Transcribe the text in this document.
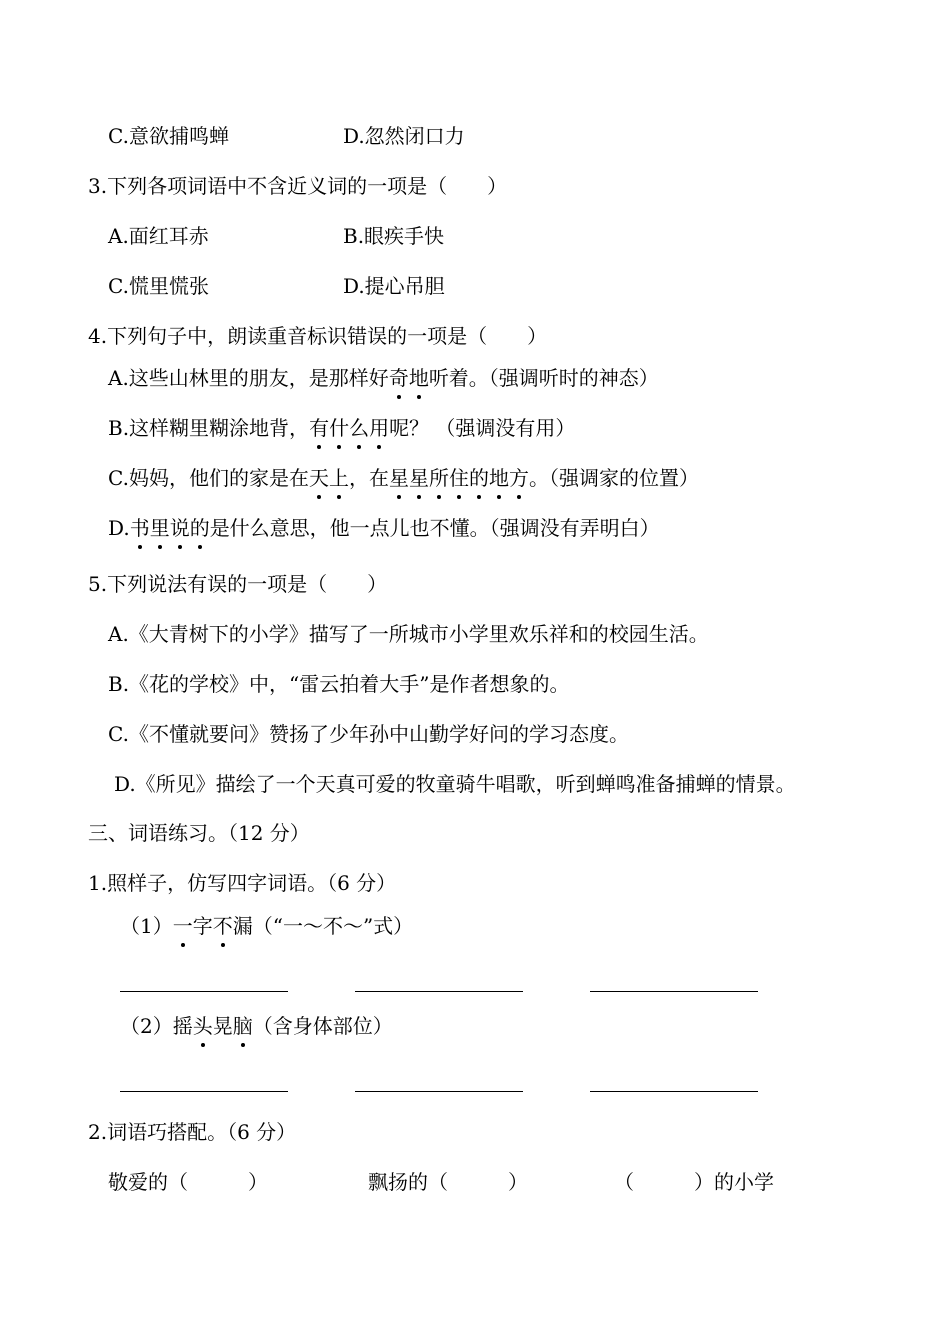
C.意欲捕鸣蝉	D.忽然闭口力
3.下列各项词语中不含近义词的一项是（　　）
A.面红耳赤	B.眼疾手快
C.慌里慌张	D.提心吊胆
4.下列句子中，朗读重音标识错误的一项是（　　）
A.这些山林里的朋友，是那样好奇地听着。（强调听时的神态）
B.这样糊里糊涂地背，有什么用呢？ （强调没有用）
C.妈妈，他们的家是在天上，在星星所住的地方。（强调家的位置）
D.书里说的是什么意思，他一点儿也不懂。（强调没有弄明白）
5.下列说法有误的一项是（　　）
A.《大青树下的小学》描写了一所城市小学里欢乐祥和的校园生活。
B.《花的学校》中，“雷云拍着大手”是作者想象的。
C.《不懂就要问》赞扬了少年孙中山勤学好问的学习态度。
D.《所见》描绘了一个天真可爱的牧童骑牛唱歌，听到蝉鸣准备捕蝉的情景。
三、词语练习。（12 分）
1.照样子，仿写四字词语。（6 分）
（1）一字不漏（“一～不～”式）
（2）摇头晃脑（含身体部位）
2.词语巧搭配。（6 分）
敬爱的（　　　）	飘扬的（　　　）	（　　　）的小学
